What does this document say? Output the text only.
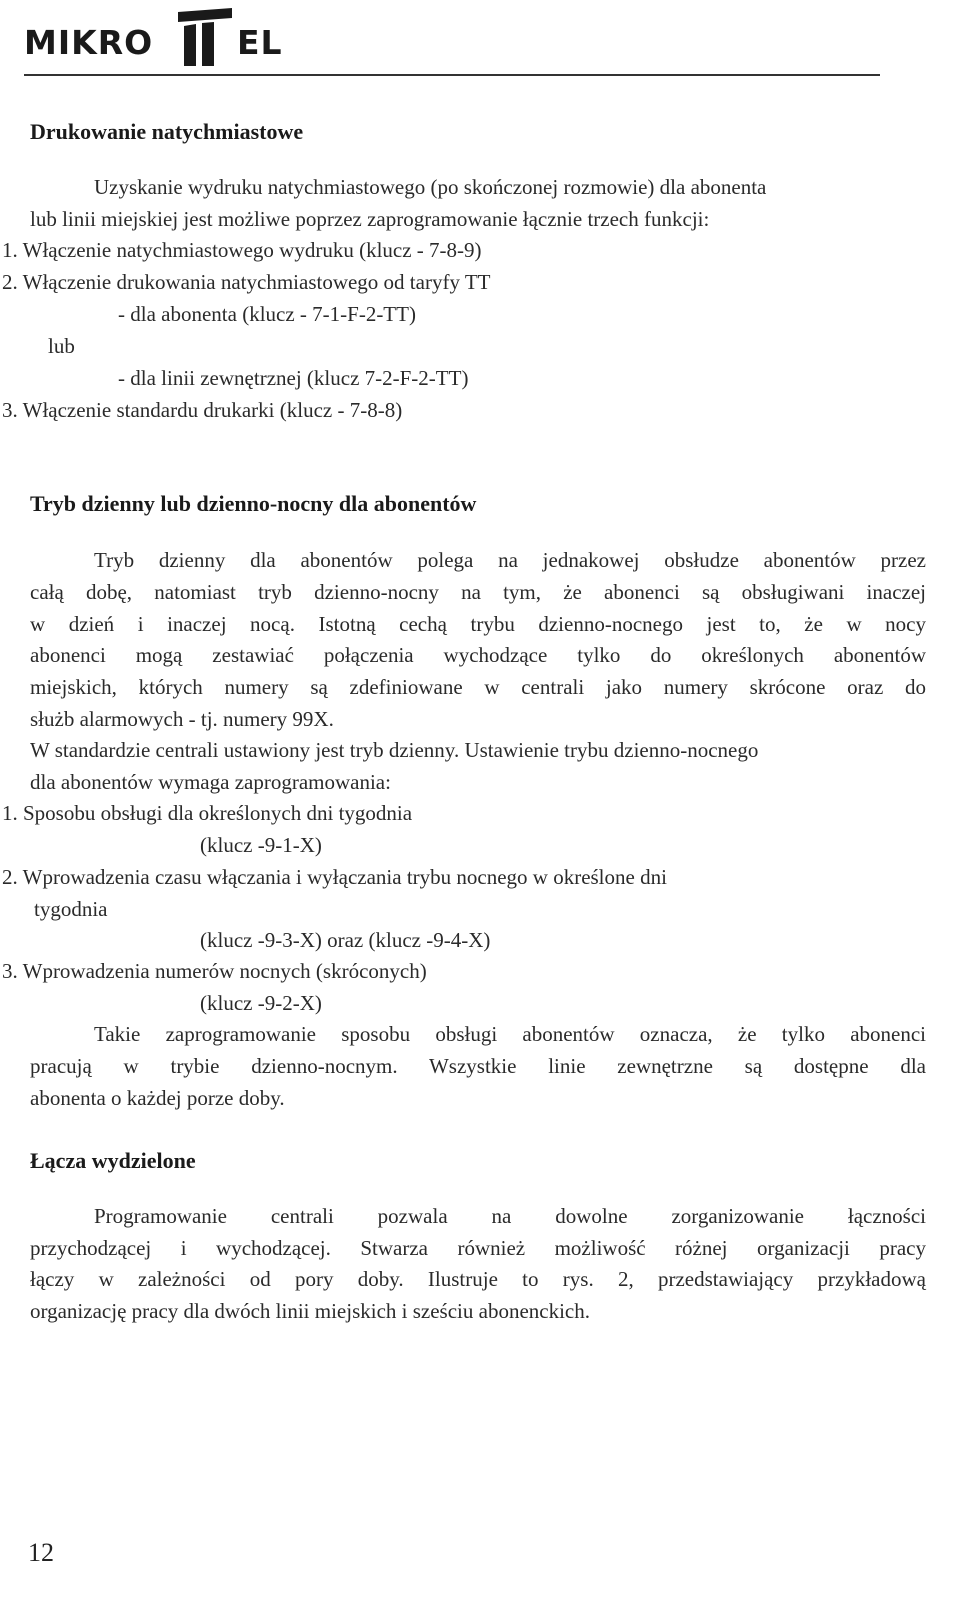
MIKRO	EL
Drukowanie natychmiastowe
Uzyskanie wydruku natychmiastowego (po skończonej rozmowie) dla abonenta
lub linii miejskiej jest możliwe poprzez zaprogramowanie łącznie trzech funkcji:
1. Włączenie natychmiastowego wydruku (klucz - 7-8-9)
2. Włączenie drukowania natychmiastowego od taryfy TT
- dla abonenta (klucz - 7-1-F-2-TT)
lub
- dla linii zewnętrznej (klucz 7-2-F-2-TT)
3. Włączenie standardu drukarki (klucz - 7-8-8)
Tryb dzienny lub dzienno-nocny dla abonentów
Tryb dzienny dla abonentów polega na jednakowej obsłudze abonentów przez
całą dobę, natomiast tryb dzienno-nocny na tym, że abonenci są obsługiwani inaczej
w dzień i inaczej nocą. Istotną cechą trybu dzienno-nocnego jest to, że w nocy
abonenci mogą zestawiać połączenia wychodzące tylko do określonych abonentów
miejskich, których numery są zdefiniowane w centrali jako numery skrócone oraz do
służb alarmowych - tj. numery 99X.
W standardzie centrali ustawiony jest tryb dzienny. Ustawienie trybu dzienno-nocnego
dla abonentów wymaga zaprogramowania:
1. Sposobu obsługi dla określonych dni tygodnia
(klucz -9-1-X)
2. Wprowadzenia czasu włączania i wyłączania trybu nocnego w określone dni
tygodnia
(klucz -9-3-X) oraz (klucz -9-4-X)
3. Wprowadzenia numerów nocnych (skróconych)
(klucz -9-2-X)
Takie zaprogramowanie sposobu obsługi abonentów oznacza, że tylko abonenci
pracują w trybie dzienno-nocnym. Wszystkie linie zewnętrzne są dostępne dla
abonenta o każdej porze doby.
Łącza wydzielone
Programowanie centrali pozwala na dowolne zorganizowanie łączności
przychodzącej i wychodzącej. Stwarza również możliwość różnej organizacji pracy
łączy w zależności od pory doby. Ilustruje to rys. 2, przedstawiający przykładową
organizację pracy dla dwóch linii miejskich i sześciu abonenckich.
12
